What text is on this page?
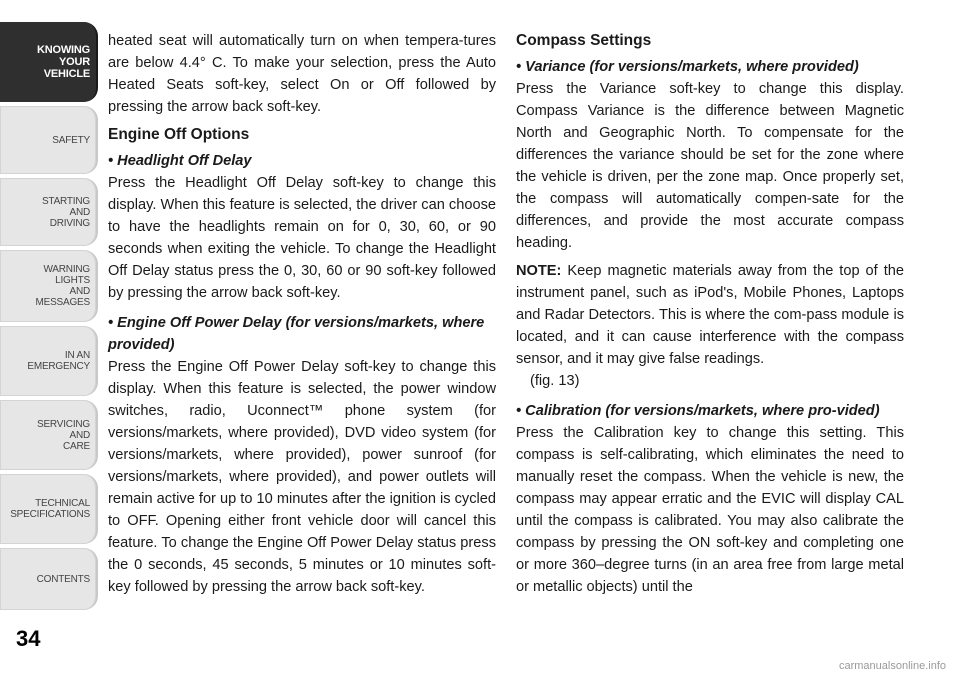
KNOWING
YOUR
VEHICLE
SAFETY
STARTING
AND
DRIVING
WARNING
LIGHTS
AND
MESSAGES
IN AN
EMERGENCY
SERVICING
AND
CARE
TECHNICAL
SPECIFICATIONS
CONTENTS
34

heated seat will automatically turn on when tempera-tures are below 4.4° C. To make your selection, press the Auto Heated Seats soft-key, select On or Off followed by pressing the arrow back soft-key.

Engine Off Options

• Headlight Off Delay

Press the Headlight Off Delay soft-key to change this display. When this feature is selected, the driver can choose to have the headlights remain on for 0, 30, 60, or 90 seconds when exiting the vehicle. To change the Headlight Off Delay status press the 0, 30, 60 or 90 soft-key followed by pressing the arrow back soft-key.

• Engine Off Power Delay (for versions/markets, where provided)

Press the Engine Off Power Delay soft-key to change this display. When this feature is selected, the power window switches, radio, Uconnect™ phone system (for versions/markets, where provided), DVD video system (for versions/markets, where provided), power sunroof (for versions/markets, where provided), and power outlets will remain active for up to 10 minutes after the ignition is cycled to OFF. Opening either front vehicle door will cancel this feature. To change the Engine Off Power Delay status press the 0 seconds, 45 seconds, 5 minutes or 10 minutes soft-key followed by pressing the arrow back soft-key.

Compass Settings

• Variance (for versions/markets, where provided)

Press the Variance soft-key to change this display. Compass Variance is the difference between Magnetic North and Geographic North. To compensate for the differences the variance should be set for the zone where the vehicle is driven, per the zone map. Once properly set, the compass will automatically compen-sate for the differences, and provide the most accurate compass heading.

NOTE: Keep magnetic materials away from the top of the instrument panel, such as iPod's, Mobile Phones, Laptops and Radar Detectors. This is where the com-pass module is located, and it can cause interference with the compass sensor, and it may give false readings.

(fig. 13)

• Calibration (for versions/markets, where pro-vided)

Press the Calibration key to change this setting. This compass is self-calibrating, which eliminates the need to manually reset the compass. When the vehicle is new, the compass may appear erratic and the EVIC will display CAL until the compass is calibrated. You may also calibrate the compass by pressing the ON soft-key and completing one or more 360–degree turns (in an area free from large metal or metallic objects) until the

carmanualsonline.info
